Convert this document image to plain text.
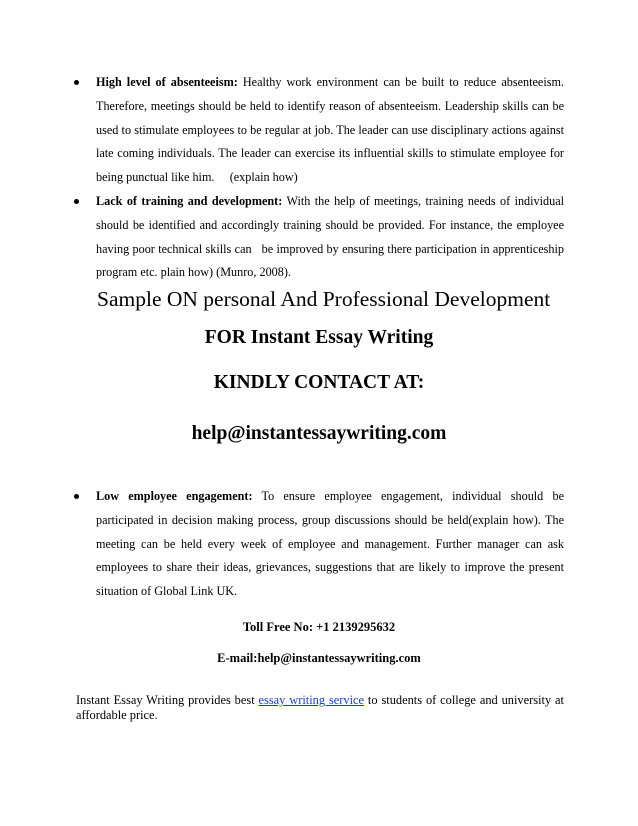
High level of absenteeism: Healthy work environment can be built to reduce absenteeism. Therefore, meetings should be held to identify reason of absenteeism. Leadership skills can be used to stimulate employees to be regular at job. The leader can use disciplinary actions against late coming individuals. The leader can exercise its influential skills to stimulate employee for being punctual like him.     (explain how)
Lack of training and development: With the help of meetings, training needs of individual should be identified and accordingly training should be provided. For instance, the employee having poor technical skills can   be improved by ensuring there participation in apprenticeship program etc. plain how) (Munro, 2008).
Sample ON personal And Professional Development
FOR Instant Essay Writing
KINDLY CONTACT AT:
help@instantessaywriting.com
Low employee engagement: To ensure employee engagement, individual should be participated in decision making process, group discussions should be held(explain how). The meeting can be held every week of employee and management. Further manager can ask employees to share their ideas, grievances, suggestions that are likely to improve the present situation of Global Link UK.
Toll Free No: +1 2139295632
E-mail:help@instantessaywriting.com

Instant Essay Writing provides best essay writing service to students of college and university at affordable price.
